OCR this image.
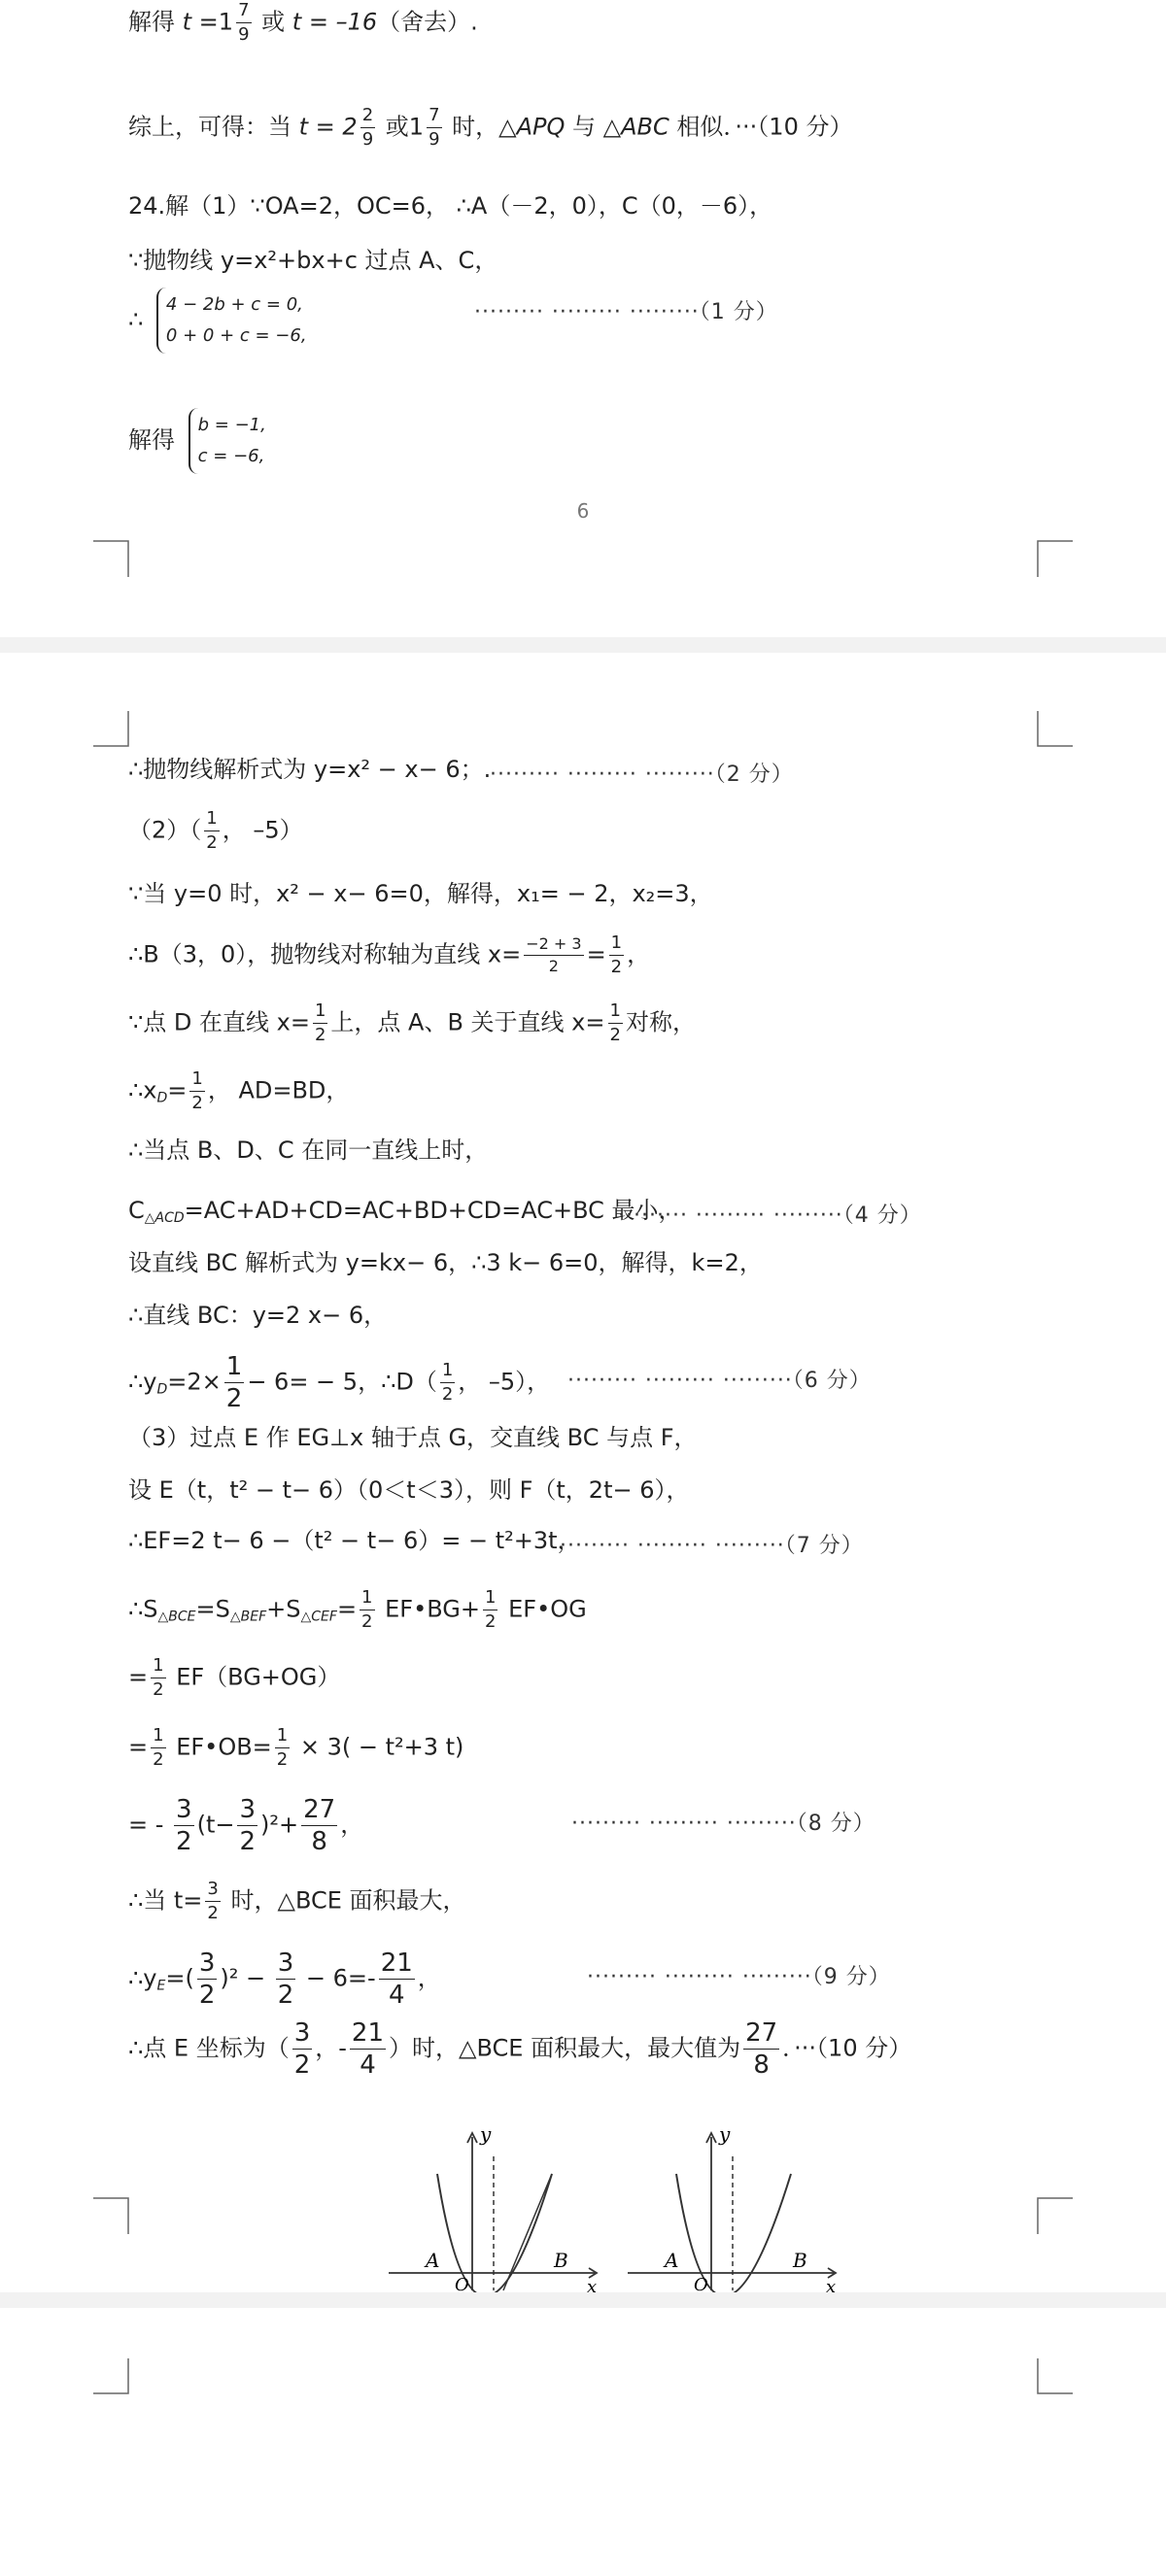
解得 $t =1 \frac{7}{9}$ 或 t = –16（舍去）.
综上，可得：当 $t = 2 \frac{2}{9}$ 或$1 \frac{7}{9}$ 时，△APQ 与 △ABC 相似．···（10 分）
24.解（1）∵OA=2，OC=6， ∴A（－2，0），C（0，－6），
∵抛物线 y=x²+bx+c 过点 A、C，
∴
4 − 2b + c = 0,
0 + 0 + c = −6,
········· ········· ·········（1 分）
解得
b = −1,
c = −6,
6
∴抛物线解析式为 y=x² − x− 6；.
········· ········· ·········（2 分）
$(2)( \frac{1}{2}$ ， –5）
∵当 y=0 时，x² − x− 6=0，解得，x₁= − 2，x₂=3，
∴B（3，0），抛物线对称轴为直线 $x= \frac{-2 + 3}{2} = \frac{1}{2}$ ，
∵点 D 在直线 $x= \frac{1}{2}$ 上，点 A、B 关于直线 $x= \frac{1}{2}$ 对称，
$\therefore x_D= \frac{1}{2}$ ， AD=BD，
∴当点 B、D、C 在同一直线上时，
$C_{\triangle ACD}=AC+AD+CD=AC+BD+CD=AC+BC$ 最小，
········· ········· ·········（4 分）
设直线 BC 解析式为 y=kx− 6，∴3 k− 6=0，解得，k=2，
∴直线 BC：y=2 x− 6，
$\therefore y_D=2\times \frac{1}{2} - 6= - 5$，∴D（ $\frac{1}{2}$ ， –5）， ········· ········· ·········（6 分）
（3）过点 E 作 EG⊥x 轴于点 G，交直线 BC 与点 F，
设 E（t，t² − t− 6）（0＜t＜3），则 F（t，2t− 6），
∴EF=2 t− 6 −（t² − t− 6）= − t²+3t，
········· ········· ·········（7 分）
$\therefore S_{\triangle BCE}=S_{\triangle BEF}+S_{\triangle CEF}= \frac{1}{2}$ EF•BG+ $\frac{1}{2}$ EF•OG
= $\frac{1}{2} EF(BG+OG)$
= $\frac{1}{2}$ EF•OB= $\frac{1}{2} \times 3( - t^2+3$ t)
= - $\frac{3}{2} (t- \frac{3}{2} )^2+ \frac{27}{8}$ ，	········· ········· ·········（8 分）
∴当 $t= \frac{3}{2}$ 时，△BCE 面积最大，
$\therefore y_E=( \frac{3}{2} )^2 - \frac{3}{2} - 6=- \frac{21}{4}$ ，	········· ········· ·········（9 分）
∴点 E 坐标为（ $\frac{3}{2}$ ，- $\frac{21}{4}$ ）时，△BCE 面积最大，最大值为 $\frac{27}{8}$ ．···（10 分）
y
x
A	B
O
y
x
A	B
O
